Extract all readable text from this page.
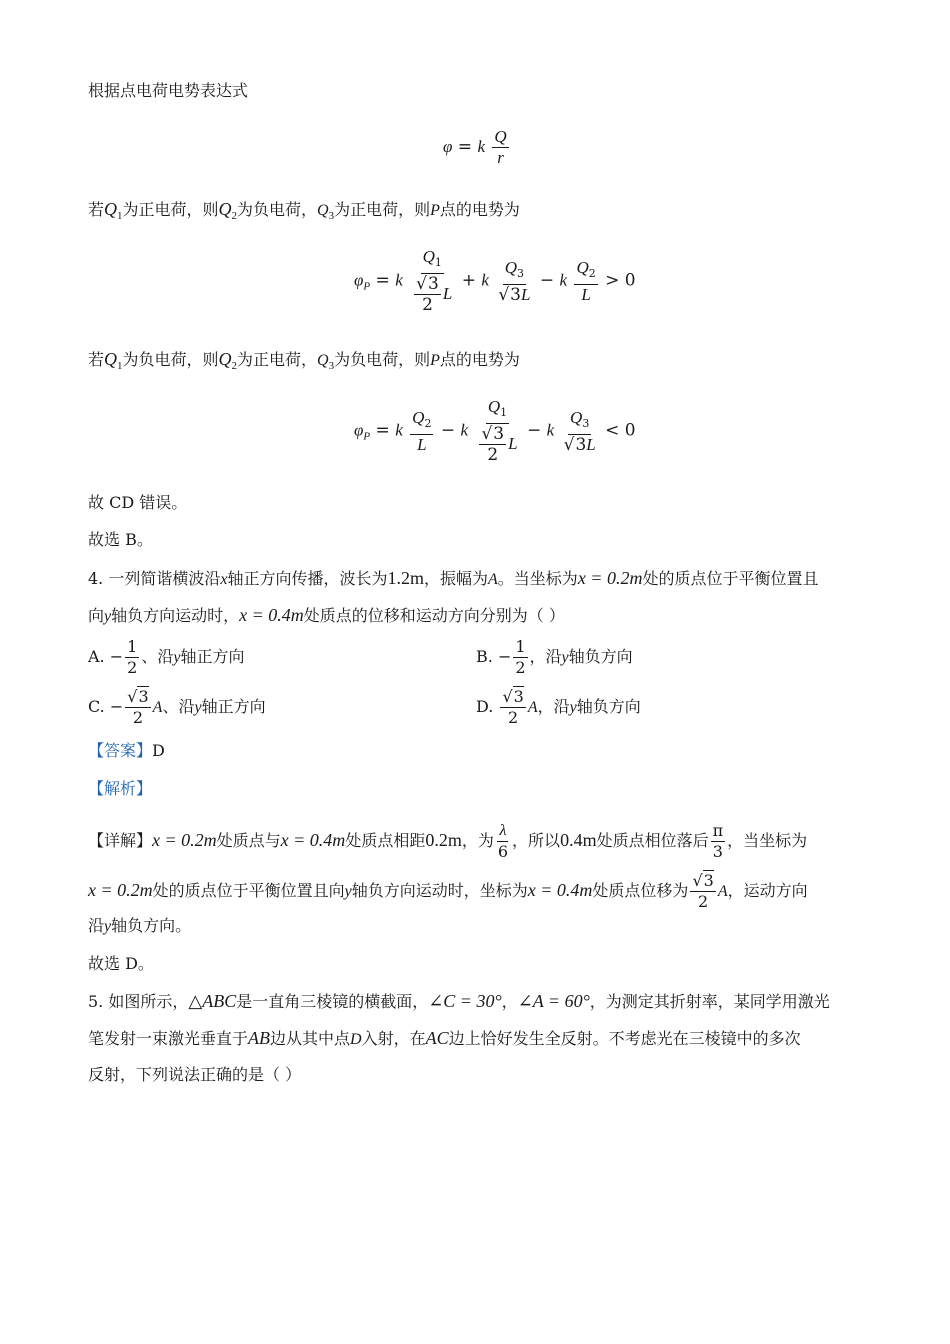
根据点电荷电势表达式
φ = k $\frac{Q}{r}$
若$Q_1$为正电荷，则$Q_2$为负电荷，$Q_3$为正电荷，则P点的电势为
$\varphi_P = k \frac{Q_1}{\frac{√3}{2} L} + k \frac{Q_3}{√3L} - k \frac{Q_2}{L} > 0$
若$Q_1$为负电荷，则$Q_2$为正电荷，$Q_3$为负电荷，则P点的电势为
$\varphi_P = k \frac{Q_2}{L} - k \frac{Q_1}{\frac{√3}{2} L} - k \frac{Q_3}{√3L} < 0$
故 CD 错误。
故选 B。
4. 一列简谐横波沿x轴正方向传播，波长为1.2m，振幅为A。当坐标为x = 0.2m处的质点位于平衡位置且
向y轴负方向运动时，x = 0.4m处质点的位移和运动方向分别为（ ）
A. − $\frac{1}{2}$ 、沿y轴正方向	B. − $\frac{1}{2}$ ，沿y轴负方向
C. − $\frac{√3}{2}$ A、沿y轴正方向	D. $\frac{√3}{2}$ A，沿y轴负方向
【答案】D
【解析】
【详解】x = 0.2m处质点与x = 0.4m处质点相距0.2m，为 $\frac{\lambda}{6}$ ，所以0.4m处质点相位落后 $\frac{\pi}{3}$ ，当坐标为
x = 0.2m处的质点位于平衡位置且向y轴负方向运动时，坐标为x = 0.4m处质点位移为 $\frac{√3}{2}$ A，运动方向
沿y轴负方向。
故选 D。
5. 如图所示，△ABC是一直角三棱镜的横截面，∠C = 30°，∠A = 60°，为测定其折射率，某同学用激光
笔发射一束激光垂直于AB边从其中点D入射，在AC边上恰好发生全反射。不考虑光在三棱镜中的多次
反射，下列说法正确的是（ ）
